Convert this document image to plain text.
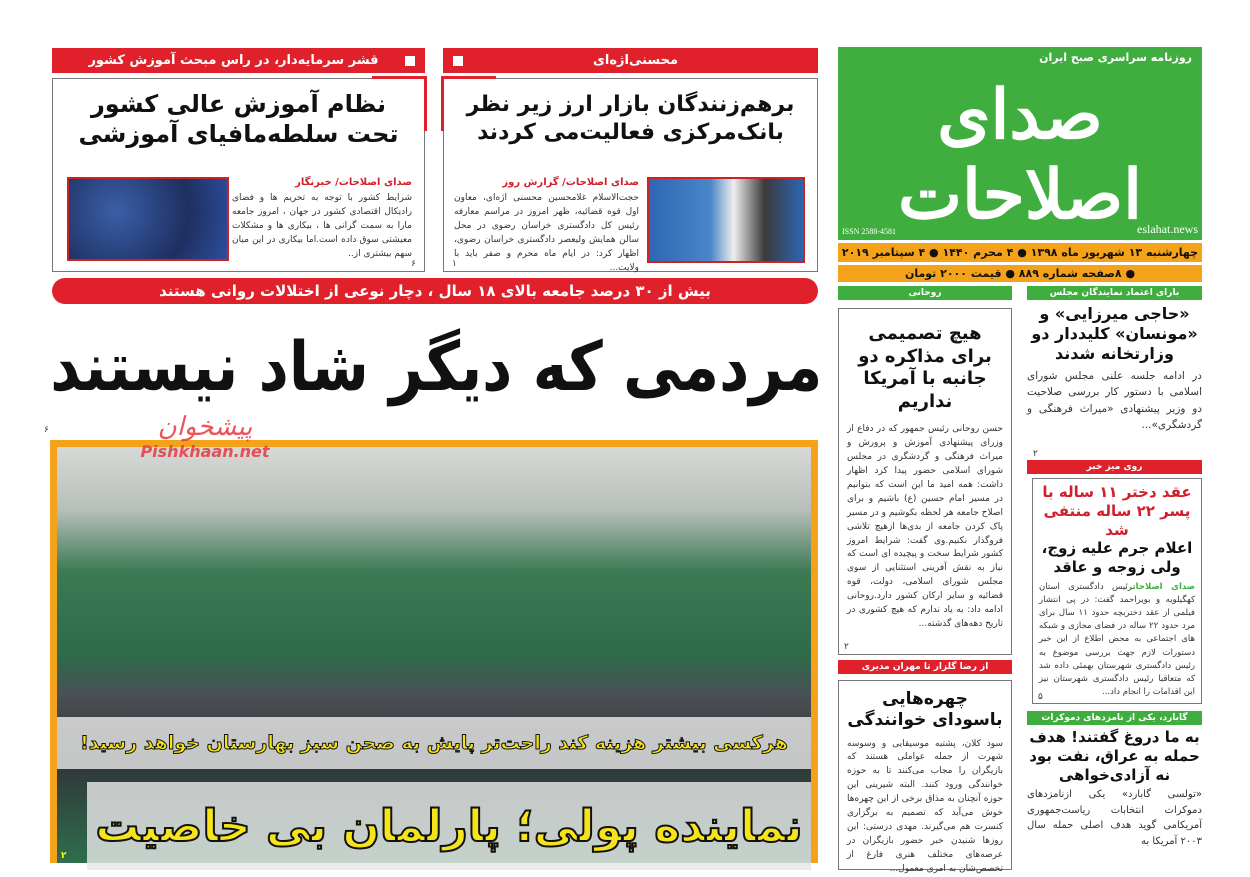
روزنامه سراسری صبح ایران
صدای اصلاحات
ISSN 2588-4581	eslahat.news
چهارشنبه ۱۳ شهریور ماه ۱۳۹۸ ● ۴ محرم ۱۴۴۰ ● ۴ سپتامبر ۲۰۱۹
● ۸صفحه شماره ۸۸۹ ● قیمت ۲۰۰۰ تومان
قشر سرمایه‌دار، در راس مبحث آموزش کشور
نظام آموزش عالی کشور تحت سلطه‌مافیای آموزشی
صدای اصلاحات/ خبرنگار
شرایط کشور با توجه به تحریم ها و فضای رادیکال اقتصادی کشور در جهان ، امروز جامعه مارا به سمت گرانی ها ، بیکاری ها و مشکلات معیشتی سوق داده است.اما بیکاری در این میان سهم بیشتری از..
۶
محسنی‌اژه‌ای
برهم‌زنندگان بازار ارز زیر نظر بانک‌مرکزی فعالیت‌می کردند
صدای اصلاحات/ گزارش روز
حجت‌الاسلام غلامحسین محسنی اژه‌ای، معاون اول قوه قضائیه، ظهر امروز در مراسم معارفه رئیس کل دادگستری خراسان رضوی در محل سالن همایش ولیعصر دادگستری خراسان رضوی، اظهار کرد: در ایام ماه محرم و صفر باید با ولایت...
۱
بیش از ۳۰ درصد جامعه بالای ۱۸ سال ، دچار نوعی از اختلالات روانی هستند
مردمی که دیگر شاد نیستند
۶
هرکسی بیشتر هزینه کند راحت‌تر پایش به صحن سبز بهارستان خواهد رسید!
نماینده پولی؛ پارلمان بی خاصیت
۲
پیشخوان
Pishkhaan.net
روحانی
هیچ تصمیمی برای مذاکره دو جانبه با آمریکا نداریم
حسن روحانی رئیس جمهور که در دفاع از وزرای پیشنهادی آموزش و پرورش و میراث فرهنگی و گردشگری در مجلس شورای اسلامی حضور پیدا کرد اظهار داشت: همه امید ما این است که بتوانیم در مسیر امام حسین (ع) باشیم و برای اصلاح جامعه هر لحظه بکوشیم و در مسیر پاک کردن جامعه از بدی‌ها ازهیچ تلاشی فروگذار نکنیم.وی گفت: شرایط امروز کشور شرایط سخت و پیچیده ای است که نیاز به نقش آفرینی استثنایی از سوی مجلس شورای اسلامی، دولت، قوه قضائیه و سایر ارکان کشور دارد.روحانی ادامه داد: به یاد ندارم که هیچ کشوری در تاریخ دهه‌های گذشته...
۲
از رضا گلزار تا مهران مدیری
چهره‌هایی باسودای خوانندگی
سود کلان، پشتبه موسیقایی و وسوسه شهرت از جمله عواملی هستند که بازیگران را مجاب می‌کنند تا به حوزه خوانندگی ورود کنند. البته شیرینی این حوزه آنچنان به مذاق برخی از این چهره‌ها خوش می‌آید که تصمیم به برگزاری کنسرت هم می‌گیرند. مهدی درستی: این روزها شنیدن خبر حضور بازیگران در عرصه‌های مختلف هنری فارغ از تخصص‌شان به امری معمول...
بارای اعتماد نمایندگان مجلس
«حاجی میرزایی» و «مونسان» کلیددار دو وزارتخانه شدند
در ادامه جلسه علنی مجلس شورای اسلامی با دستور کار بررسی صلاحیت دو وزیر پیشنهادی «میراث فرهنگی و گردشگری»...
۲
روی میز خبر
عقد دختر ۱۱ ساله با پسر ۲۲ ساله منتفی شد
اعلام جرم علیه زوج، ولی زوجه و عاقد
صدای اصلاحاترئیس دادگستری استان کهگیلویه و بویراحمد گفت: در پی انتشار فیلمی از عقد دختربچه حدود ۱۱ سال برای مرد حدود ۲۲ ساله در فضای مجازی و شبکه های اجتماعی به محض اطلاع از این خبر دستورات لازم جهت بررسی موضوع به رئیس دادگستری شهرستان بهمئی داده شد که متعاقبا رئیس دادگستری شهرستان نیز این اقدامات را انجام داد...
۵
گابارد، یکی از نامزدهای دموکرات
به ما دروغ گفتند! هدف حمله به عراق، نفت بود نه آزادی‌خواهی
«تولسی گابارد» یکی ازنامزدهای دموکرات انتخابات ریاست‌جمهوری آمریکامی گوید هدف اصلی حمله سال ۲۰۰۳ آمریکا به
